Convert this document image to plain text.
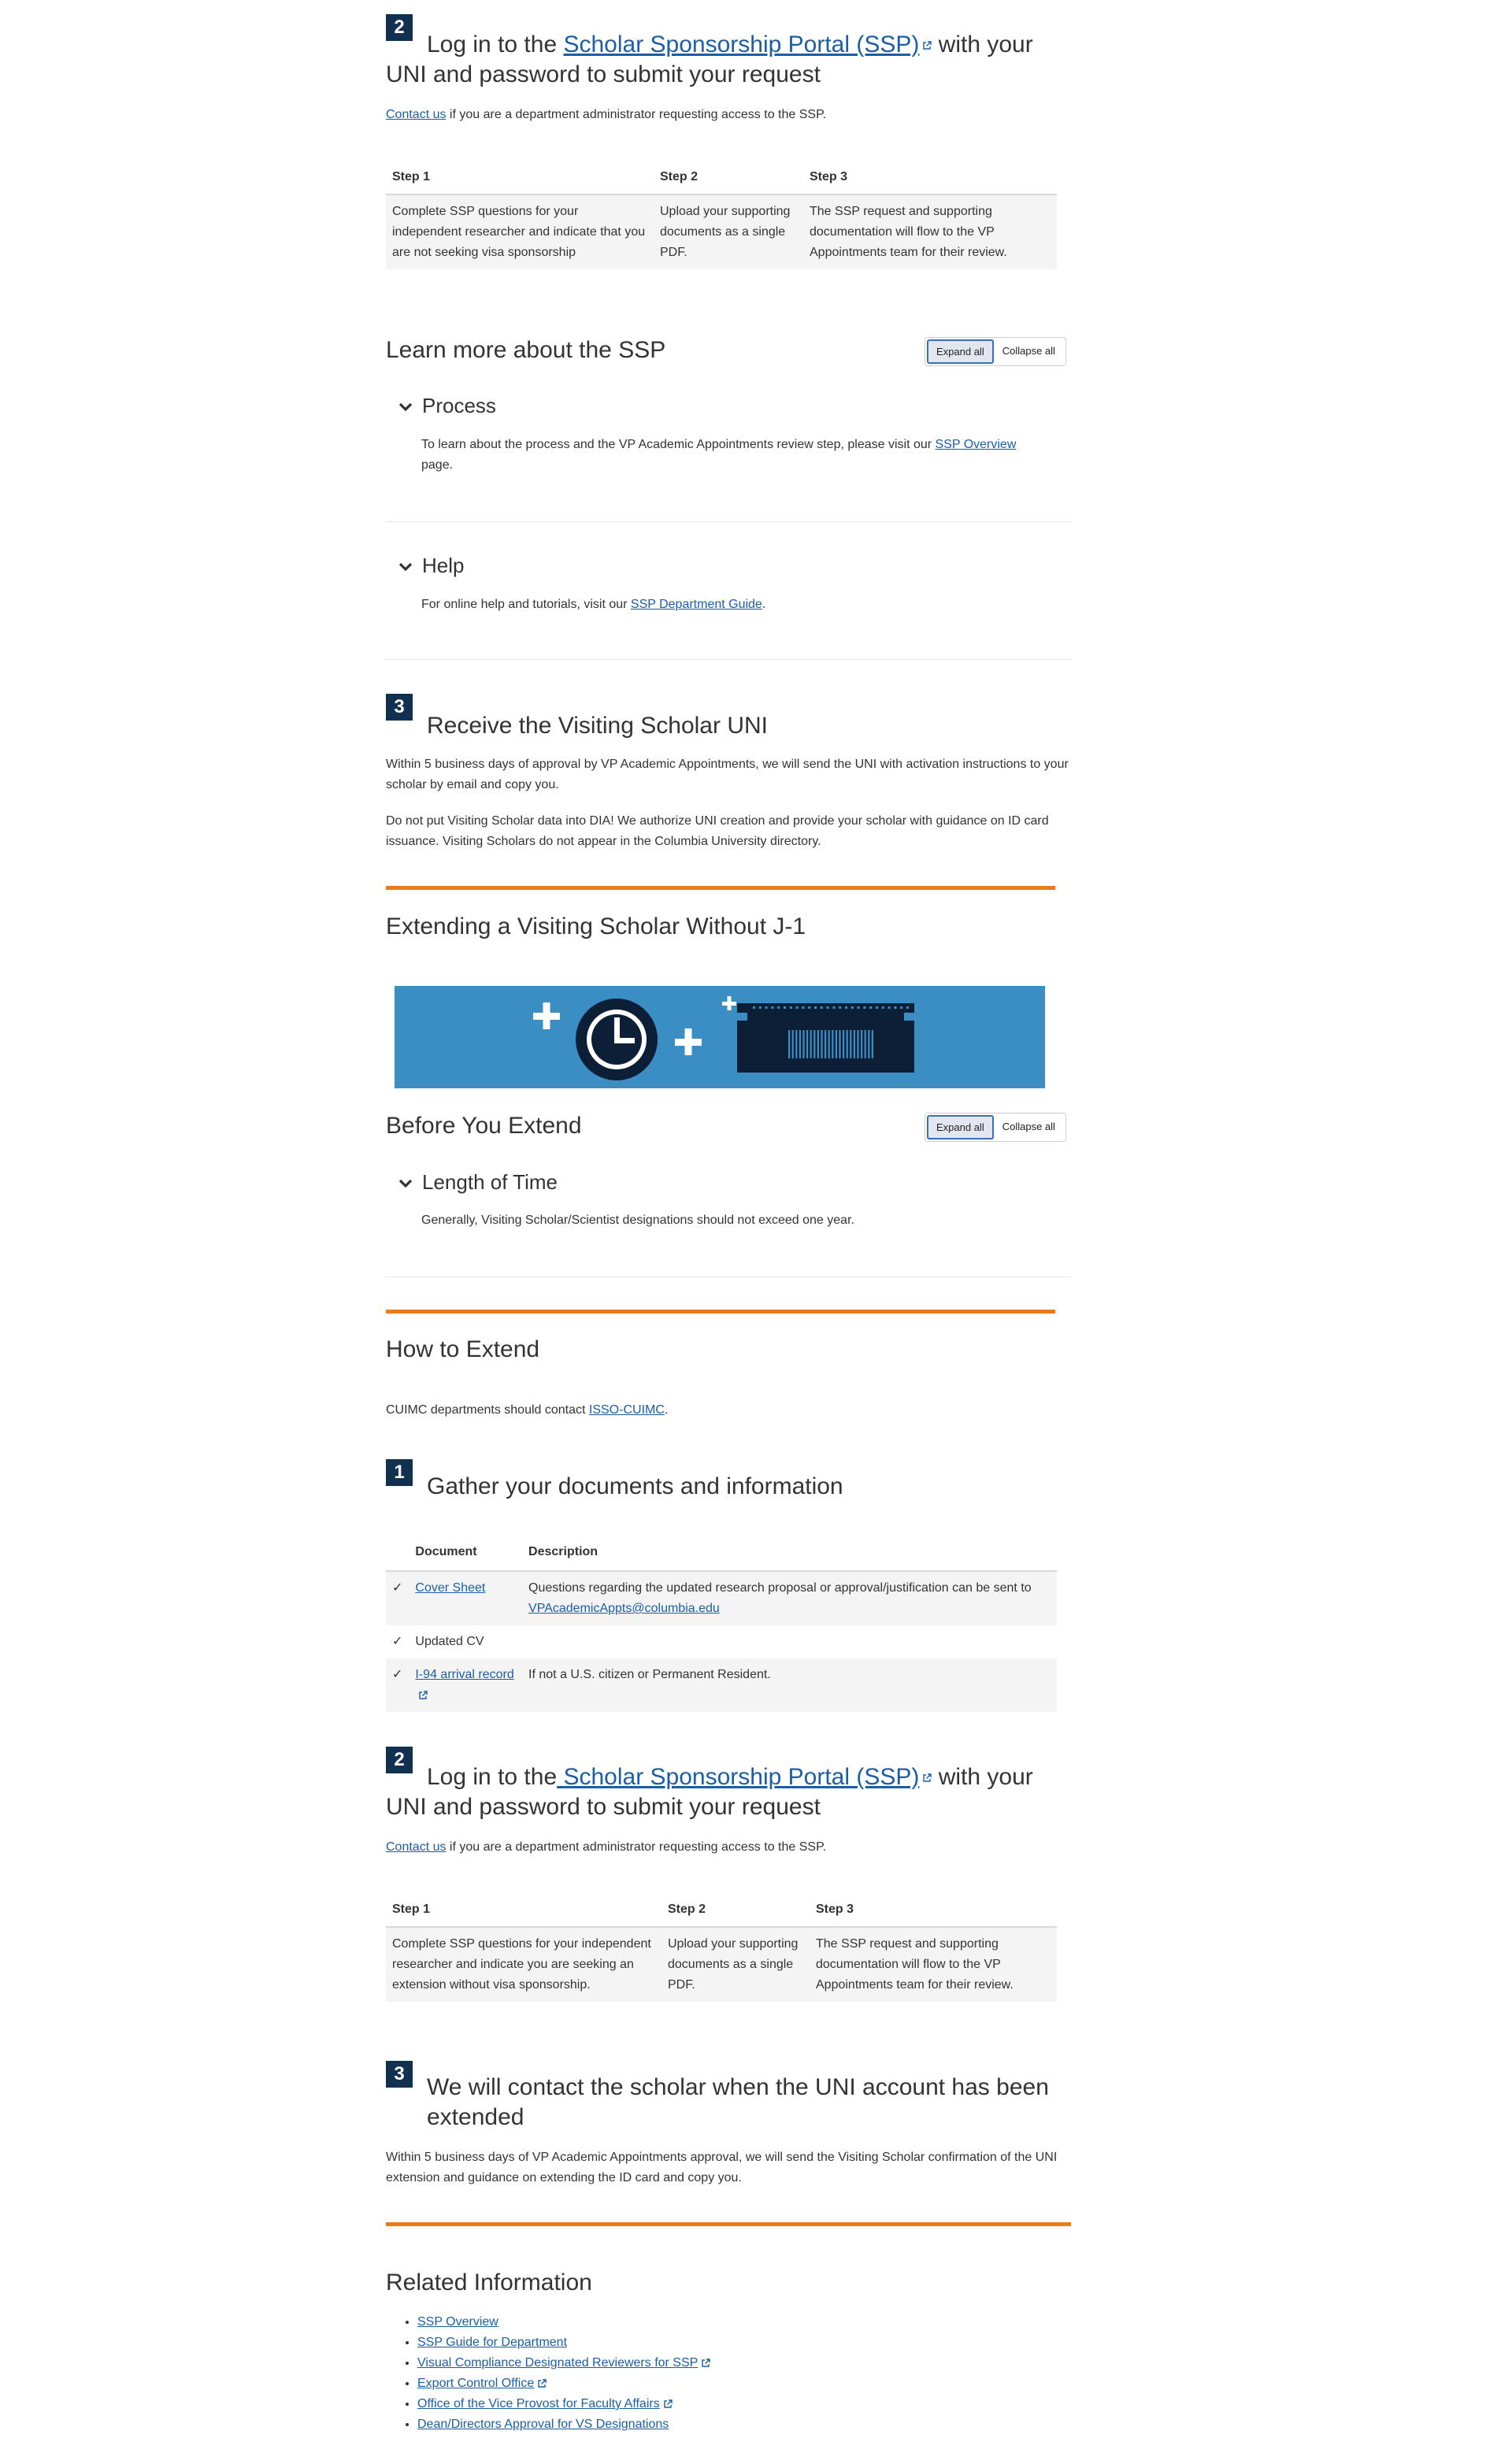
2
Log in to the Scholar Sponsorship Portal (SSP) with your UNI and password to submit your request
Contact us if you are a department administrator requesting access to the SSP.
Step 1	Step 2	Step 3
Complete SSP questions for your independent researcher and indicate that you are not seeking visa sponsorship	Upload your supporting documents as a single PDF.	The SSP request and supporting documentation will flow to the VP Appointments team for their review.
Learn more about the SSP	Expand all	Collapse all
Process
To learn about the process and the VP Academic Appointments review step, please visit our SSP Overview page.
Help
For online help and tutorials, visit our SSP Department Guide.
3
Receive the Visiting Scholar UNI
Within 5 business days of approval by VP Academic Appointments, we will send the UNI with activation instructions to your scholar by email and copy you.
Do not put Visiting Scholar data into DIA! We authorize UNI creation and provide your scholar with guidance on ID card issuance. Visiting Scholars do not appear in the Columbia University directory.
Extending a Visiting Scholar Without J-1
Before You Extend	Expand all	Collapse all
Length of Time
Generally, Visiting Scholar/Scientist designations should not exceed one year.
How to Extend
CUIMC departments should contact ISSO-CUIMC.
1
Gather your documents and information
	Document	Description
✓	Cover Sheet	Questions regarding the updated research proposal or approval/justification can be sent to VPAcademicAppts@columbia.edu
✓	Updated CV	
✓	I-94 arrival record	If not a U.S. citizen or Permanent Resident.
2
Log in to the Scholar Sponsorship Portal (SSP) with your UNI and password to submit your request
Contact us if you are a department administrator requesting access to the SSP.
Step 1	Step 2	Step 3
Complete SSP questions for your independent researcher and indicate you are seeking an extension without visa sponsorship.	Upload your supporting documents as a single PDF.	The SSP request and supporting documentation will flow to the VP Appointments team for their review.
3
We will contact the scholar when the UNI account has been extended
Within 5 business days of VP Academic Appointments approval, we will send the Visiting Scholar confirmation of the UNI extension and guidance on extending the ID card and copy you.
Related Information
• SSP Overview
• SSP Guide for Department
• Visual Compliance Designated Reviewers for SSP
• Export Control Office
• Office of the Vice Provost for Faculty Affairs
• Dean/Directors Approval for VS Designations
